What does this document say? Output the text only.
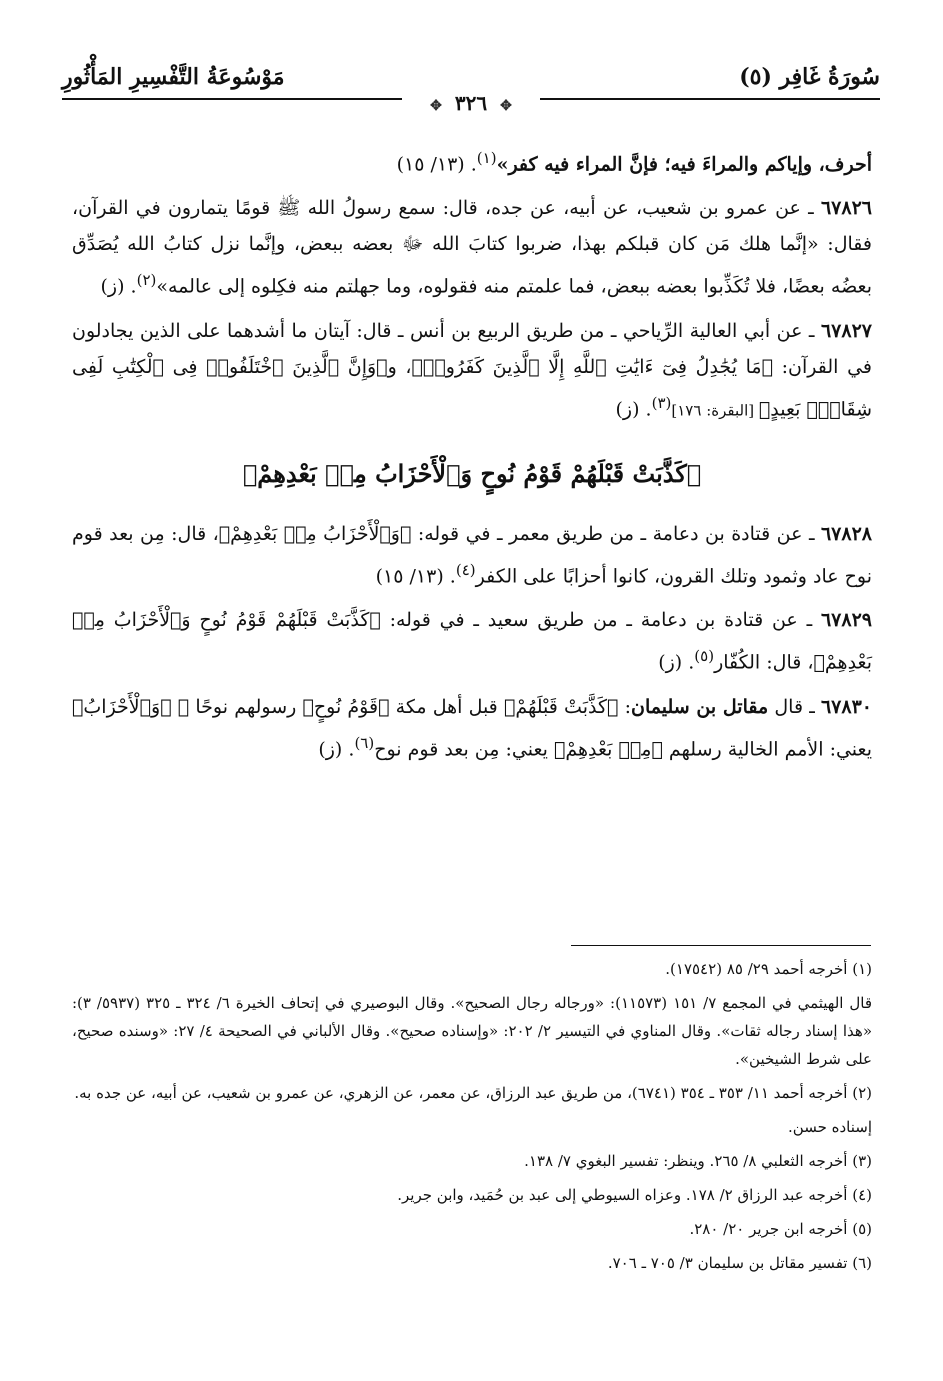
سُورَةُ غَافِر (٥)
مَوْسُوعَةُ التَّفْسِيرِ المَأْثُورِ
✥ ٣٢٦ ✥

أحرف، وإياكم والمراءَ فيه؛ فإنَّ المراء فيه كفر»$^{(١)}$. (١٣/ ١٥)

٦٧٨٢٦ ـ عن عمرو بن شعيب، عن أبيه، عن جده، قال: سمع رسولُ الله ﷺ قومًا يتمارون في القرآن، فقال: «إنَّما هلك مَن كان قبلكم بهذا، ضربوا كتابَ الله ﷻ بعضه ببعض، وإنَّما نزل كتابُ الله يُصَدِّق بعضُه بعضًا، فلا تُكَذِّبوا بعضه ببعض، فما علمتم منه فقولوه، وما جهلتم منه فكِلوه إلى عالمه»$^{(٢)}$. (ز)

٦٧٨٢٧ ـ عن أبي العالية الرِّياحي ـ من طريق الربيع بن أنس ـ قال: آيتان ما أشدهما على الذين يجادلون في القرآن: ﴿مَا يُجَٰدِلُ فِىٓ ءَايَٰتِ ٱللَّهِ إِلَّا ٱلَّذِينَ كَفَرُوا۟﴾، و﴿وَإِنَّ ٱلَّذِينَ ٱخْتَلَفُوا۟ فِى ٱلْكِتَٰبِ لَفِى شِقَاقٍۭ بَعِيدٍ﴾ [البقرة: ١٧٦]$^{(٣)}$. (ز)

﴿كَذَّبَتْ قَبْلَهُمْ قَوْمُ نُوحٍ وَٱلْأَحْزَابُ مِنۢ بَعْدِهِمْ﴾

٦٧٨٢٨ ـ عن قتادة بن دعامة ـ من طريق معمر ـ في قوله: ﴿وَٱلْأَحْزَابُ مِنۢ بَعْدِهِمْ﴾، قال: مِن بعد قوم نوح عاد وثمود وتلك القرون، كانوا أحزابًا على الكفر$^{(٤)}$. (١٣/ ١٥)

٦٧٨٢٩ ـ عن قتادة بن دعامة ـ من طريق سعيد ـ في قوله: ﴿كَذَّبَتْ قَبْلَهُمْ قَوْمُ نُوحٍ وَٱلْأَحْزَابُ مِنۢ بَعْدِهِمْ﴾، قال: الكُفّار$^{(٥)}$. (ز)

٦٧٨٣٠ ـ قال مقاتل بن سليمان: ﴿كَذَّبَتْ قَبْلَهُمْ﴾ قبل أهل مكة ﴿قَوْمُ نُوحٍ﴾ رسولهم نوحًا ﵇ ﴿وَٱلْأَحْزَابُ﴾ يعني: الأمم الخالية رسلهم ﴿مِنۢ بَعْدِهِمْ﴾ يعني: مِن بعد قوم نوح$^{(٦)}$. (ز)

(١) أخرجه أحمد ٢٩/ ٨٥ (١٧٥٤٢).
قال الهيثمي في المجمع ٧/ ١٥١ (١١٥٧٣): «ورجاله رجال الصحيح». وقال البوصيري في إتحاف الخيرة ٦/ ٣٢٤ ـ ٣٢٥ (٥٩٣٧/ ٣): «هذا إسناد رجاله ثقات». وقال المناوي في التيسير ٢/ ٢٠٢: «وإسناده صحيح». وقال الألباني في الصحيحة ٤/ ٢٧: «وسنده صحيح، على شرط الشيخين».
(٢) أخرجه أحمد ١١/ ٣٥٣ ـ ٣٥٤ (٦٧٤١)، من طريق عبد الرزاق، عن معمر، عن الزهري، عن عمرو بن شعيب، عن أبيه، عن جده به.
إسناده حسن.
(٣) أخرجه الثعلبي ٨/ ٢٦٥. وينظر: تفسير البغوي ٧/ ١٣٨.
(٤) أخرجه عبد الرزاق ٢/ ١٧٨. وعزاه السيوطي إلى عبد بن حُمَيد، وابن جرير.
(٥) أخرجه ابن جرير ٢٠/ ٢٨٠.
(٦) تفسير مقاتل بن سليمان ٣/ ٧٠٥ ـ ٧٠٦.
